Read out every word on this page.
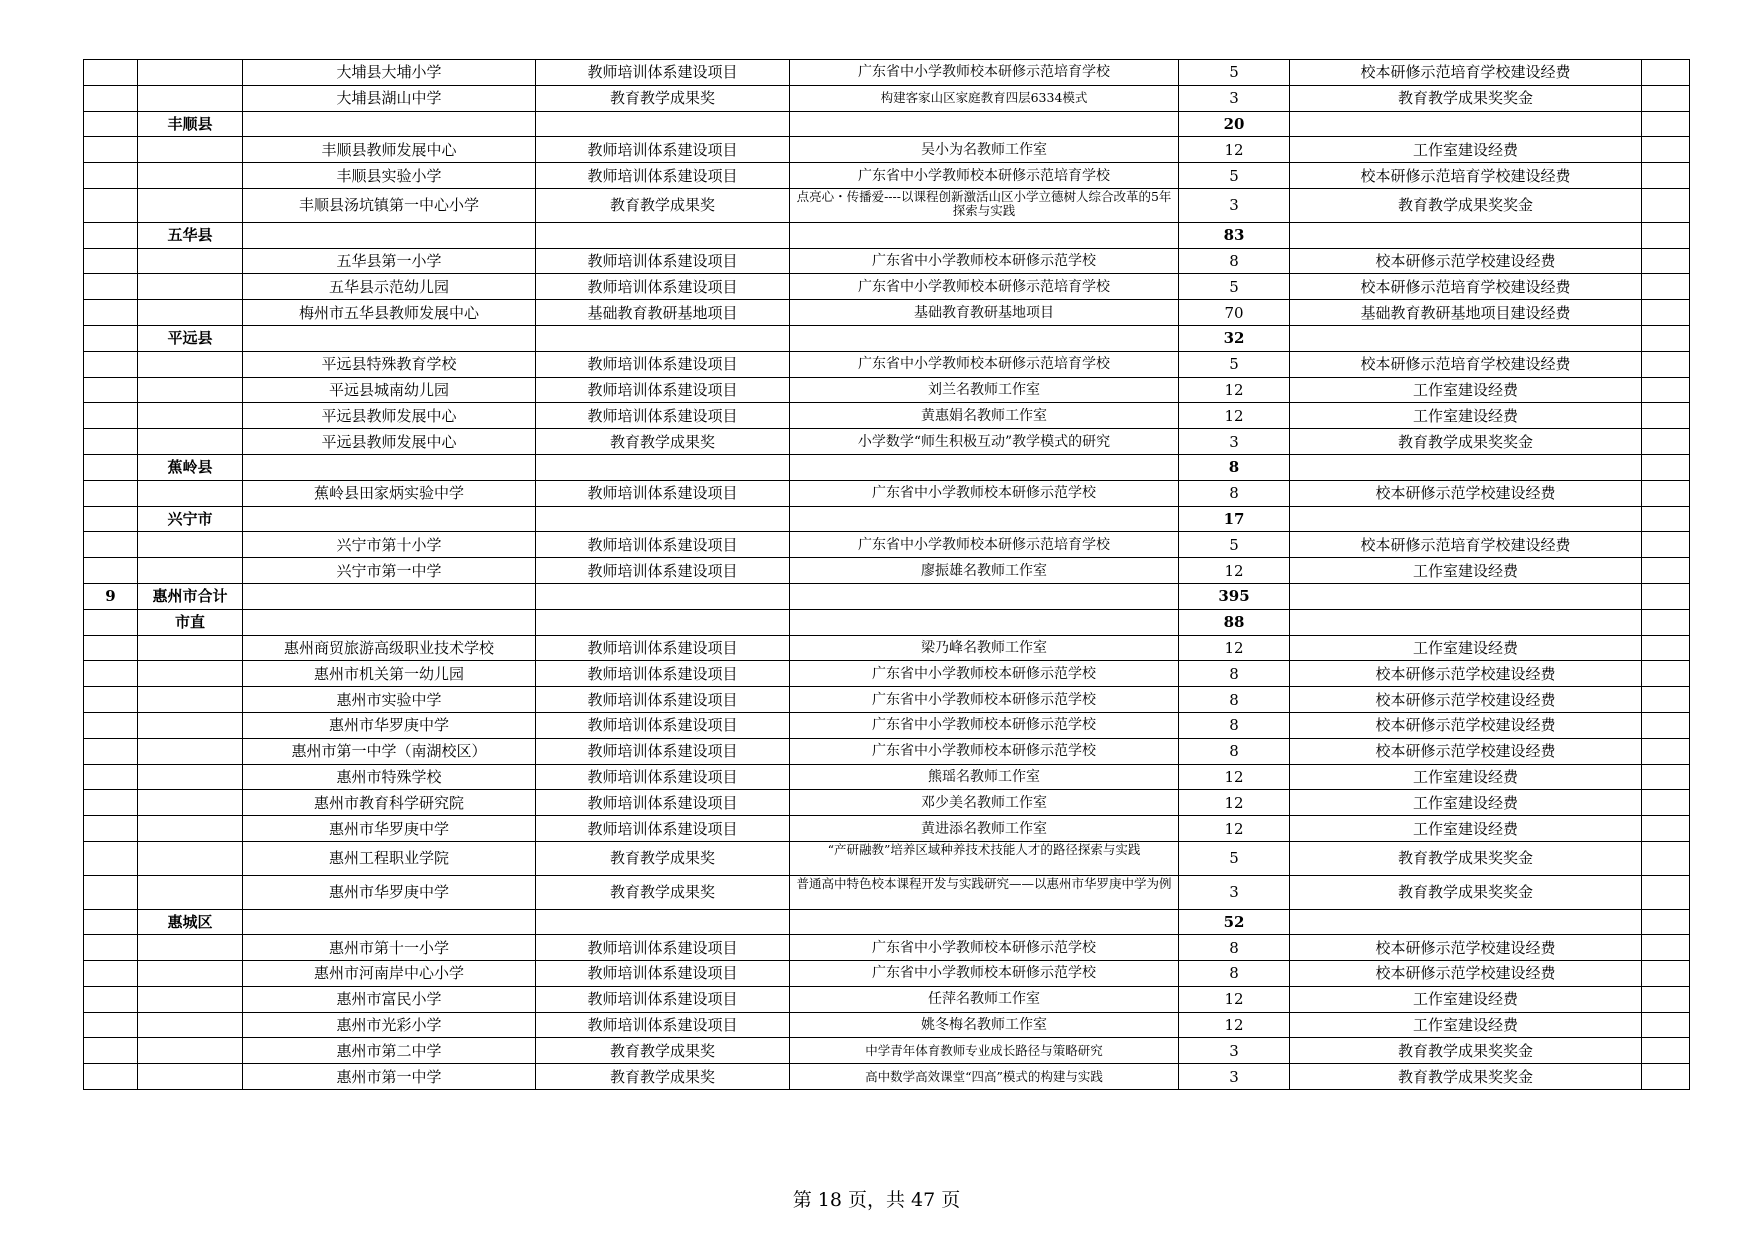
		大埔县大埔小学	教师培训体系建设项目	广东省中小学教师校本研修示范培育学校	5	校本研修示范培育学校建设经费	
		大埔县湖山中学	教育教学成果奖	构建客家山区家庭教育四层6334模式	3	教育教学成果奖奖金	
	丰顺县				20		
		丰顺县教师发展中心	教师培训体系建设项目	吴小为名教师工作室	12	工作室建设经费	
		丰顺县实验小学	教师培训体系建设项目	广东省中小学教师校本研修示范培育学校	5	校本研修示范培育学校建设经费	
		丰顺县汤坑镇第一中心小学	教育教学成果奖	点亮心・传播爱----以课程创新激活山区小学立德树人综合改革的5年探索与实践	3	教育教学成果奖奖金	
	五华县				83		
		五华县第一小学	教师培训体系建设项目	广东省中小学教师校本研修示范学校	8	校本研修示范学校建设经费	
		五华县示范幼儿园	教师培训体系建设项目	广东省中小学教师校本研修示范培育学校	5	校本研修示范培育学校建设经费	
		梅州市五华县教师发展中心	基础教育教研基地项目	基础教育教研基地项目	70	基础教育教研基地项目建设经费	
	平远县				32		
		平远县特殊教育学校	教师培训体系建设项目	广东省中小学教师校本研修示范培育学校	5	校本研修示范培育学校建设经费	
		平远县城南幼儿园	教师培训体系建设项目	刘兰名教师工作室	12	工作室建设经费	
		平远县教师发展中心	教师培训体系建设项目	黄惠娟名教师工作室	12	工作室建设经费	
		平远县教师发展中心	教育教学成果奖	小学数学“师生积极互动”教学模式的研究	3	教育教学成果奖奖金	
	蕉岭县				8		
		蕉岭县田家炳实验中学	教师培训体系建设项目	广东省中小学教师校本研修示范学校	8	校本研修示范学校建设经费	
	兴宁市				17		
		兴宁市第十小学	教师培训体系建设项目	广东省中小学教师校本研修示范培育学校	5	校本研修示范培育学校建设经费	
		兴宁市第一中学	教师培训体系建设项目	廖振雄名教师工作室	12	工作室建设经费	
9	惠州市合计				395		
	市直				88		
		惠州商贸旅游高级职业技术学校	教师培训体系建设项目	梁乃峰名教师工作室	12	工作室建设经费	
		惠州市机关第一幼儿园	教师培训体系建设项目	广东省中小学教师校本研修示范学校	8	校本研修示范学校建设经费	
		惠州市实验中学	教师培训体系建设项目	广东省中小学教师校本研修示范学校	8	校本研修示范学校建设经费	
		惠州市华罗庚中学	教师培训体系建设项目	广东省中小学教师校本研修示范学校	8	校本研修示范学校建设经费	
		惠州市第一中学（南湖校区）	教师培训体系建设项目	广东省中小学教师校本研修示范学校	8	校本研修示范学校建设经费	
		惠州市特殊学校	教师培训体系建设项目	熊瑶名教师工作室	12	工作室建设经费	
		惠州市教育科学研究院	教师培训体系建设项目	邓少美名教师工作室	12	工作室建设经费	
		惠州市华罗庚中学	教师培训体系建设项目	黄进添名教师工作室	12	工作室建设经费	
		惠州工程职业学院	教育教学成果奖	“产研融教”培养区域种养技术技能人才的路径探索与实践	5	教育教学成果奖奖金	
		惠州市华罗庚中学	教育教学成果奖	普通高中特色校本课程开发与实践研究——以惠州市华罗庚中学为例	3	教育教学成果奖奖金	
	惠城区				52		
		惠州市第十一小学	教师培训体系建设项目	广东省中小学教师校本研修示范学校	8	校本研修示范学校建设经费	
		惠州市河南岸中心小学	教师培训体系建设项目	广东省中小学教师校本研修示范学校	8	校本研修示范学校建设经费	
		惠州市富民小学	教师培训体系建设项目	任萍名教师工作室	12	工作室建设经费	
		惠州市光彩小学	教师培训体系建设项目	姚冬梅名教师工作室	12	工作室建设经费	
		惠州市第二中学	教育教学成果奖	中学青年体育教师专业成长路径与策略研究	3	教育教学成果奖奖金	
		惠州市第一中学	教育教学成果奖	高中数学高效课堂“四高”模式的构建与实践	3	教育教学成果奖奖金	
第 18 页，共 47 页
